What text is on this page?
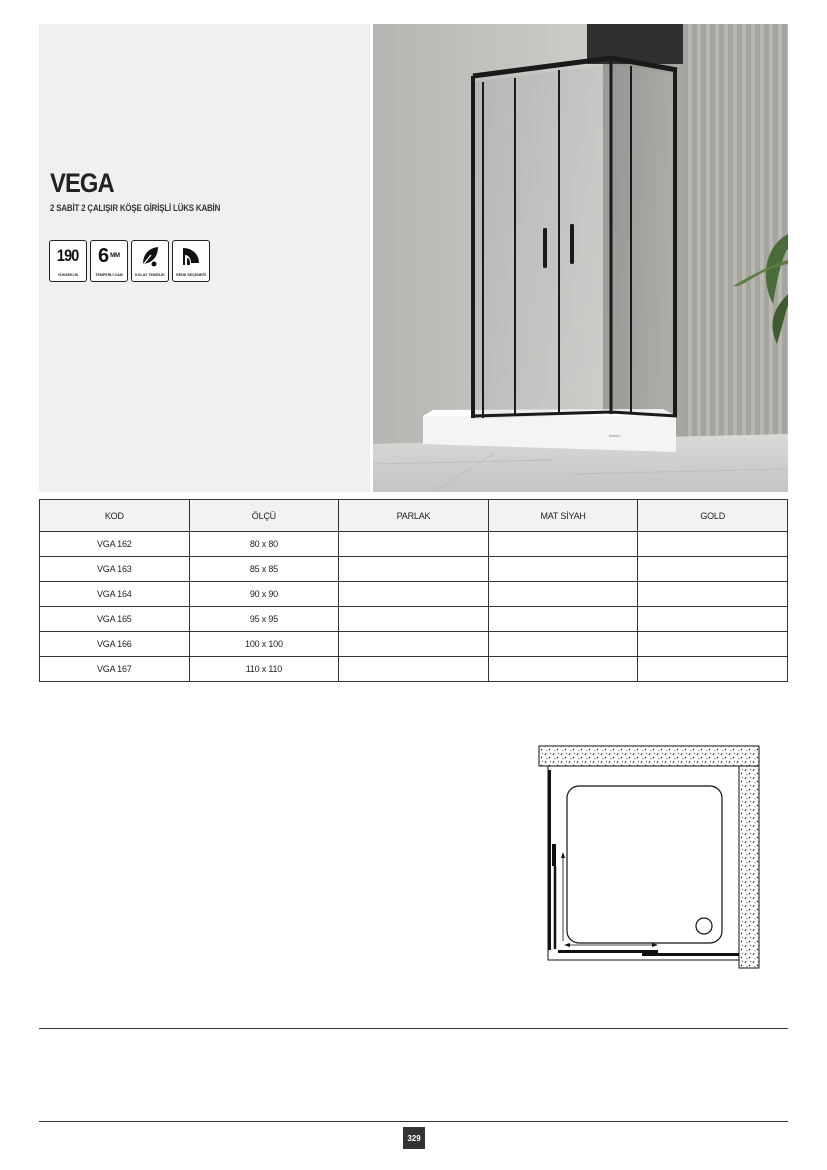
VEGA
2 SABİT 2 ÇALIŞIR KÖŞE GİRİŞLİ LÜKS KABİN
190
YÜKSEKLİK
6 MM
TEMPERLİ CAM	KOLAY TEMİZLİK	RENK SEÇENEĞİ
Banyo
KOD	ÖLÇÜ	PARLAK	MAT SİYAH	GOLD
VGA 162	80 x 80			
VGA 163	85 x 85			
VGA 164	90 x 90			
VGA 165	95 x 95			
VGA 166	100 x 100			
VGA 167	110 x 110			
329
